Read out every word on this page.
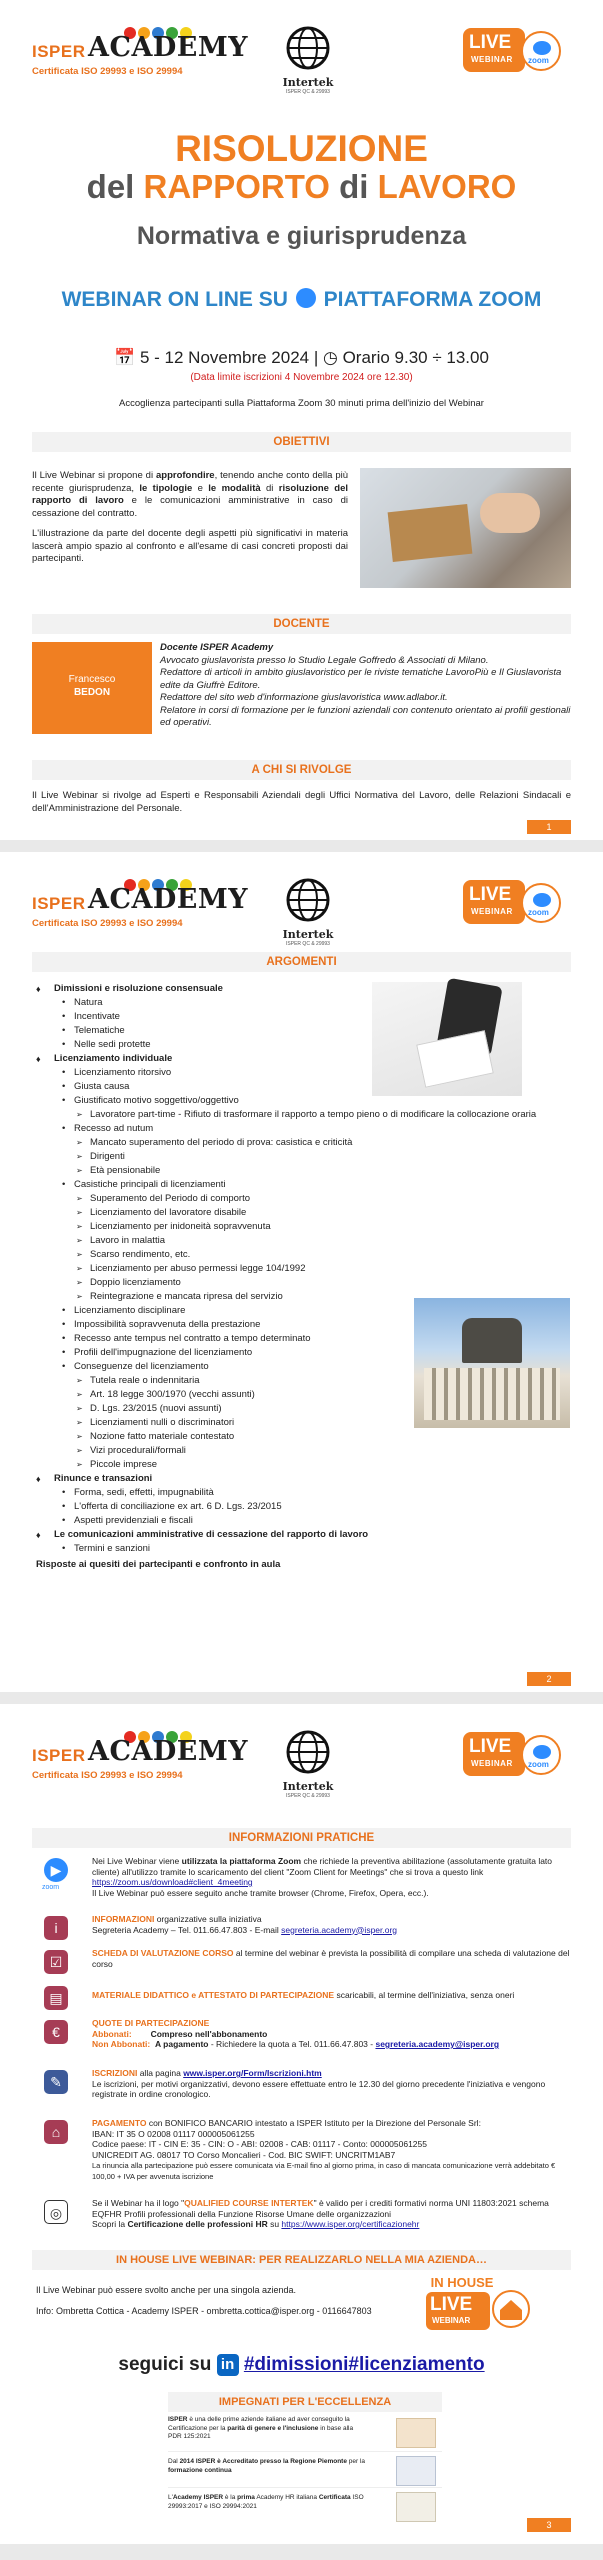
ISPER ACADEMY
Certificata ISO 29993 e ISO 29994
Intertek
ISPER QC & 29993
LIVE
WEBINAR zoom
RISOLUZIONE
del RAPPORTO di LAVORO
Normativa e giurisprudenza
WEBINAR ON LINE SU PIATTAFORMA ZOOM
📅 5 - 12 Novembre 2024 | ◷ Orario 9.30 ÷ 13.00
(Data limite iscrizioni 4 Novembre 2024 ore 12.30)
Accoglienza partecipanti sulla Piattaforma Zoom 30 minuti prima dell'inizio del Webinar
OBIETTIVI

Il Live Webinar si propone di approfondire, tenendo anche conto della più recente giurisprudenza, le tipologie e le modalità di risoluzione del rapporto di lavoro e le comunicazioni amministrative in caso di cessazione del contratto.

L'illustrazione da parte del docente degli aspetti più significativi in materia lascerà ampio spazio al confronto e all'esame di casi concreti proposti dai partecipanti.

DOCENTE
Francesco
BEDON
Docente ISPER Academy
Avvocato giuslavorista presso lo Studio Legale Goffredo & Associati di Milano.
Redattore di articoli in ambito giuslavoristico per le riviste tematiche LavoroPiù e Il Giuslavorista edite da Giuffrè Editore.
Redattore del sito web d'informazione giuslavoristica www.adlabor.it.
Relatore in corsi di formazione per le funzioni aziendali con contenuto orientato ai profili gestionali ed operativi.
A CHI SI RIVOLGE
Il Live Webinar si rivolge ad Esperti e Responsabili Aziendali degli Uffici Normativa del Lavoro, delle Relazioni Sindacali e dell'Amministrazione del Personale.
1
ISPER ACADEMY
Certificata ISO 29993 e ISO 29994
Intertek
ISPER QC & 29993
LIVE
WEBINAR zoom
ARGOMENTI
♦ Dimissioni e risoluzione consensuale
• Natura
• Incentivate
• Telematiche
• Nelle sedi protette
♦ Licenziamento individuale
• Licenziamento ritorsivo
• Giusta causa
• Giustificato motivo soggettivo/oggettivo
➢ Lavoratore part-time - Rifiuto di trasformare il rapporto a tempo pieno o di modificare la collocazione oraria
• Recesso ad nutum
➢ Mancato superamento del periodo di prova: casistica e criticità
➢ Dirigenti
➢ Età pensionabile
• Casistiche principali di licenziamenti
➢ Superamento del Periodo di comporto
➢ Licenziamento del lavoratore disabile
➢ Licenziamento per inidoneità sopravvenuta
➢ Lavoro in malattia
➢ Scarso rendimento, etc.
➢ Licenziamento per abuso permessi legge 104/1992
➢ Doppio licenziamento
➢ Reintegrazione e mancata ripresa del servizio
• Licenziamento disciplinare
• Impossibilità sopravvenuta della prestazione
• Recesso ante tempus nel contratto a tempo determinato
• Profili dell'impugnazione del licenziamento
• Conseguenze del licenziamento
➢ Tutela reale o indennitaria
➢ Art. 18 legge 300/1970 (vecchi assunti)
➢ D. Lgs. 23/2015 (nuovi assunti)
➢ Licenziamenti nulli o discriminatori
➢ Nozione fatto materiale contestato
➢ Vizi procedurali/formali
➢ Piccole imprese
♦ Rinunce e transazioni
• Forma, sedi, effetti, impugnabilità
• L'offerta di conciliazione ex art. 6 D. Lgs. 23/2015
• Aspetti previdenziali e fiscali
♦ Le comunicazioni amministrative di cessazione del rapporto di lavoro
• Termini e sanzioni
Risposte ai quesiti dei partecipanti e confronto in aula
2
ISPER ACADEMY
Certificata ISO 29993 e ISO 29994
Intertek
ISPER QC & 29993
LIVE
WEBINAR zoom
INFORMAZIONI PRATICHE
▶
zoom
Nei Live Webinar viene utilizzata la piattaforma Zoom che richiede la preventiva abilitazione (assolutamente gratuita lato cliente) all'utilizzo tramite lo scaricamento del client "Zoom Client for Meetings" che si trova a questo link https://zoom.us/download#client_4meeting
Il Live Webinar può essere seguito anche tramite browser (Chrome, Firefox, Opera, ecc.).
i
INFORMAZIONI organizzative sulla iniziativa
Segreteria Academy – Tel. 011.66.47.803 - E-mail segreteria.academy@isper.org
☑
SCHEDA DI VALUTAZIONE CORSO al termine del webinar è prevista la possibilità di compilare una scheda di valutazione del corso
▤	MATERIALE DIDATTICO e ATTESTATO DI PARTECIPAZIONE scaricabili, al termine dell'iniziativa, senza oneri
€
QUOTE DI PARTECIPAZIONE
Abbonati: Compreso nell'abbonamento
Non Abbonati: A pagamento - Richiedere la quota a Tel. 011.66.47.803 - segreteria.academy@isper.org
✎
ISCRIZIONI alla pagina www.isper.org/Form/Iscrizioni.htm
Le iscrizioni, per motivi organizzativi, devono essere effettuate entro le 12.30 del giorno precedente l'iniziativa e vengono registrate in ordine cronologico.
⌂
PAGAMENTO con BONIFICO BANCARIO intestato a ISPER Istituto per la Direzione del Personale Srl:
IBAN: IT 35 O 02008 01117 000005061255
Codice paese: IT - CIN E: 35 - CIN: O - ABI: 02008 - CAB: 01117 - Conto: 000005061255
UNICREDIT AG. 08017 TO Corso Moncalieri - Cod. BIC SWIFT: UNCRITM1AB7
La rinuncia alla partecipazione può essere comunicata via E-mail fino al giorno prima, in caso di mancata comunicazione verrà addebitato € 100,00 + IVA per avvenuta iscrizione
◎
Se il Webinar ha il logo "QUALIFIED COURSE INTERTEK" è valido per i crediti formativi norma UNI 11803:2021 schema EQFHR Profili professionali della Funzione Risorse Umane delle organizzazioni
Scopri la Certificazione delle professioni HR su https://www.isper.org/certificazionehr
IN HOUSE LIVE WEBINAR: PER REALIZZARLO NELLA MIA AZIENDA…
Il Live Webinar può essere svolto anche per una singola azienda.
Info: Ombretta Cottica - Academy ISPER - ombretta.cottica@isper.org - 0116647803
IN HOUSE
LIVE
WEBINAR
seguici su in #dimissioni#licenziamento
IMPEGNATI PER L'ECCELLENZA
ISPER è una delle prime aziende italiane ad aver conseguito la Certificazione per la parità di genere e l'inclusione in base alla PDR 125:2021
Dal 2014 ISPER è Accreditato presso la Regione Piemonte per la formazione continua
L'Academy ISPER è la prima Academy HR italiana Certificata ISO 29993:2017 e ISO 29994:2021
3
